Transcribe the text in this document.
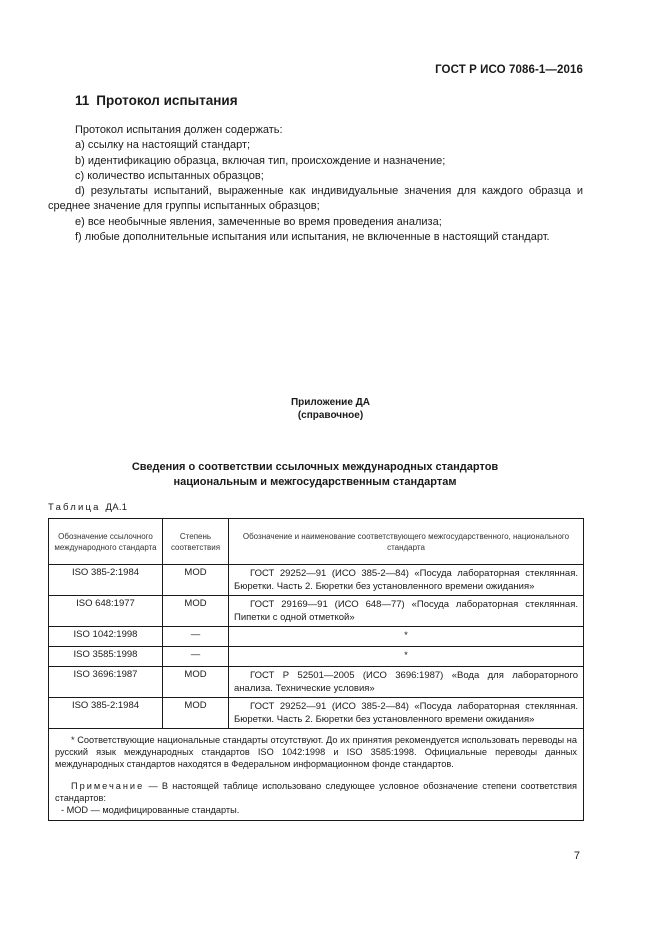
ГОСТ Р ИСО 7086-1—2016
11 Протокол испытания

Протокол испытания должен содержать:

a) ссылку на настоящий стандарт;

b) идентификацию образца, включая тип, происхождение и назначение;

c) количество испытанных образцов;

d) результаты испытаний, выраженные как индивидуальные значения для каждого образца и среднее значение для группы испытанных образцов;

e) все необычные явления, замеченные во время проведения анализа;

f) любые дополнительные испытания или испытания, не включенные в настоящий стандарт.

Приложение ДА
(справочное)
Сведения о соответствии ссылочных международных стандартов
национальным и межгосударственным стандартам
Таблица ДА.1
Обозначение ссылочного международного стандарта	Степень соответствия	Обозначение и наименование соответствующего межгосударственного, национального стандарта
ISO 385-2:1984	MOD	ГОСТ 29252—91 (ИСО 385-2—84) «Посуда лабораторная стеклянная. Бюретки. Часть 2. Бюретки без установленного времени ожидания»
ISO 648:1977	MOD	ГОСТ 29169—91 (ИСО 648—77) «Посуда лабораторная стеклянная. Пипетки с одной отметкой»
ISO 1042:1998	—	*
ISO 3585:1998	—	*
ISO 3696:1987	MOD	ГОСТ Р 52501—2005 (ИСО 3696:1987) «Вода для лабораторного анализа. Технические условия»
ISO 385-2:1984	MOD	ГОСТ 29252—91 (ИСО 385-2—84) «Посуда лабораторная стеклянная. Бюретки. Часть 2. Бюретки без установленного времени ожидания»

* Соответствующие национальные стандарты отсутствуют. До их принятия рекомендуется использовать переводы на русский язык международных стандартов ISO 1042:1998 и ISO 3585:1998. Официальные переводы данных международных стандартов находятся в Федеральном информационном фонде стандартов.

Примечание — В настоящей таблице использовано следующее условное обозначение степени соответствия стандартов:

- MOD — модифицированные стандарты.		

7
